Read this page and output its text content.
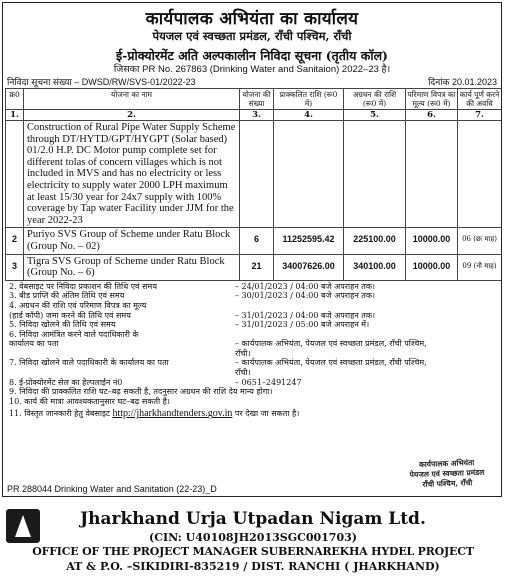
कार्यपालक अभियंता का कार्यालय
पेयजल एवं स्वच्छता प्रमंडल, राँची पश्चिम, राँची
ई-प्रोक्योरमेंट अति अल्पकालीन निविदा सूचना (तृतीय कॉल)
जिसका PR No. 267863 (Drinking Water and Sanitaion) 2022–23 है।
निविदा सूचना संख्या – DWSD/RW/SVS-01/2022-23	दिनांक 20.01.2023
क्र0	योजना का नाम	योजना की संख्या	प्राक्कलित राशि (रू0 में)	अग्रधन की राशि (रू0 में)	परिमाण विपत्र का मूल्य (रू0 में)	कार्य पूर्ण करने की अवधि
1.	2.	3.	4.	5.	6.	7.
	Construction of Rural Pipe Water Supply Scheme through DT/HYTD/GPT/HYGPT (Solar based) 01/2.0 H.P. DC Motor pump complete set for different tolas of concern villages which is not included in MVS and has no electricity or less electricity to supply water 2000 LPH maximum at least 15/30 year for 24x7 supply with 100% coverage by Tap water Facility under JJM for the year 2022-23					
2	Puriyo SVS Group of Scheme under Ratu Block (Group No. – 02)	6	11252595.42	225100.00	10000.00	06 (छः माह)
3	Tigra SVS Group of Scheme under Ratu Block (Group No. – 6)	21	34007626.00	340100.00	10000.00	09 (नौ माह)
2. वेबसाइट पर निविदा प्रकाशन की तिथि एवं समय	– 24/01/2023 / 04:00 बजे अपराहन तक।
3. बीड प्राप्ति की अंतिम तिथि एवं समय	– 30/01/2023 / 04:00 बजे अपराहन तक।
4. अग्रधन की राशि एवं परिमाण विपत्र का मूल्य
(हार्ड कॉपी) जमा करने की तिथि एवं समय	– 31/01/2023 / 04:00 बजे अपराहन तक।
5. निविदा खोलने की तिथि एवं समय	– 31/01/2023 / 05:00 बजे अपराहन में।
6. निविदा आमंत्रित करने वाले पदाधिकारी के
कार्यालय का पता	– कार्यपालक अभियंता, पेयजल एवं स्वच्छता प्रमंडल, राँची पश्चिम,
राँची।
7. निविदा खोलने वाले पदाधिकारी के कार्यालय का पता	– कार्यपालक अभियंता, पेयजल एवं स्वच्छता प्रमंडल, राँची पश्चिम,
राँची।
8. ई-प्रोक्योरमेंट सेल का हेल्पलाईन नं0	– 0651–2491247
9. निविदा की प्राक्कलित राशि घट–बढ़ सकती है, तदनुसार अग्रधन की राशि देय मान्य होगा।
10. कार्य की मात्रा आवश्यकतानुसार घट–बढ़ सकती है।
11. विस्तृत जानकारी हेतु वेबसाइट
http://jharkhandtenders.gov.in
पर देखा जा सकता है।
कार्यपालक अभियंता
पेयजल एवं स्वच्छता प्रमंडल
राँची पश्चिम, राँची
PR 288044 Drinking Water and Sanitation (22-23)_D
Jharkhand Urja Utpadan Nigam Ltd.
(CIN: U40108JH2013SGC001703)
OFFICE OF THE PROJECT MANAGER SUBERNAREKHA HYDEL PROJECT
AT & P.O. –SIKIDIRI-835219 / DIST. RANCHI ( JHARKHAND)
